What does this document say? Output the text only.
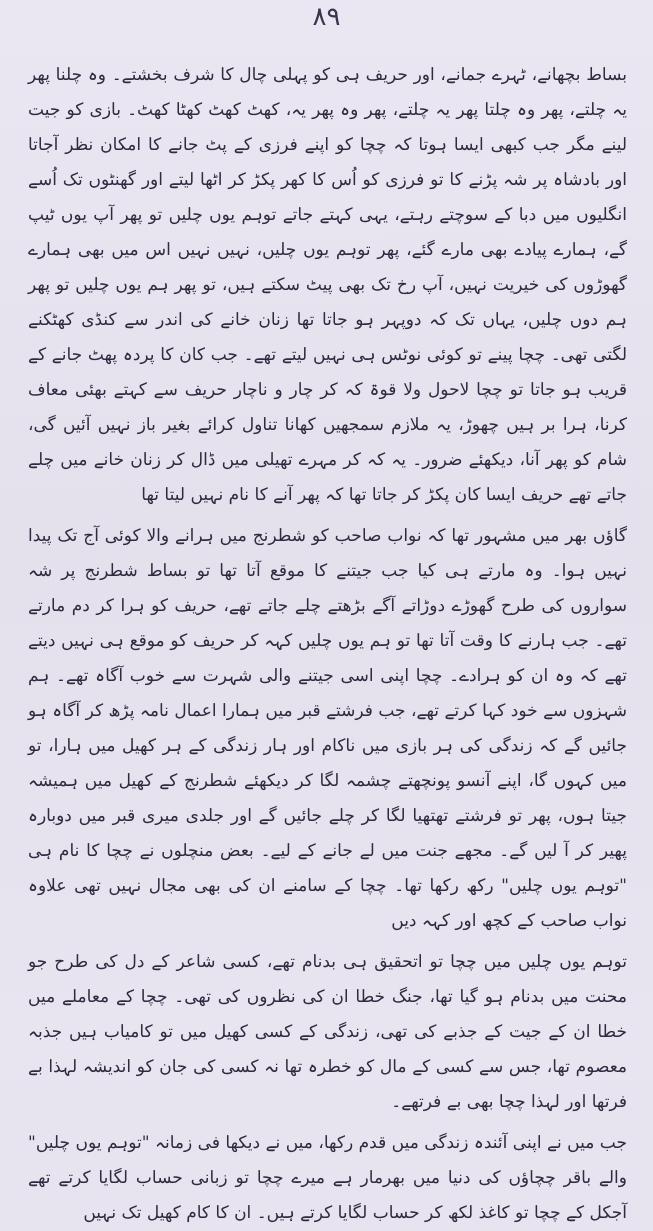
۸۹

بساط بچھانے، ٹہرے جمانے، اور حریف ہی کو پہلی چال کا شرف بخشتے۔ وہ چلنا پھر یہ چلتے، پھر وہ چلتا پھر یہ چلتے، پھر وہ پھر یہ، کھٹ کھٹ کھٹا کھٹ۔ بازی کو جیت لینے مگر جب کبھی ایسا ہوتا کہ چچا کو اپنے فرزی کے پٹ جانے کا امکان نظر آجاتا اور بادشاہ پر شہ پڑنے کا تو فرزی کو اُس کا کھر پکڑ کر اٹھا لیتے اور گھنٹوں تک اُسے انگلیوں میں دبا کے سوچتے رہتے، یہی کہتے جاتے توہم یوں چلیں تو پھر آپ یوں ٹیپ گے، ہمارے پیادے بھی مارے گئے، پھر توہم یوں چلیں، نہیں نہیں اس میں بھی ہمارے گھوڑوں کی خیریت نہیں، آپ رخ تک بھی پیٹ سکتے ہیں، تو پھر ہم یوں چلیں تو پھر ہم دوں چلیں، یہاں تک کہ دوپہر ہو جاتا تھا زنان خانے کی اندر سے کنڈی کھٹکنے لگتی تھی۔ چچا پینے تو کوئی نوٹس ہی نہیں لیتے تھے۔ جب کان کا پردہ پھٹ جانے کے قریب ہو جاتا تو چچا لاحول ولا قوۃ کہ کر چار و ناچار حریف سے کہتے بھئی معاف کرنا، ہرا بر ہیں چھوڑ، یہ ملازم سمجھیں کھانا تناول کرائے بغیر باز نہیں آئیں گی، شام کو پھر آنا، دیکھئے ضرور۔ یہ کہ کر مہرے تھیلی میں ڈال کر زنان خانے میں چلے جاتے تھے حریف ایسا کان پکڑ کر جاتا تھا کہ پھر آنے کا نام نہیں لیتا تھا

گاؤں بھر میں مشہور تھا کہ نواب صاحب کو شطرنج میں ہرانے والا کوئی آج تک پیدا نہیں ہوا۔ وہ مارتے ہی کیا جب جیتنے کا موقع آتا تھا تو بساط شطرنج پر شہ سواروں کی طرح گھوڑے دوڑاتے آگے بڑھتے چلے جاتے تھے، حریف کو ہرا کر دم مارتے تھے۔ جب ہارنے کا وقت آتا تھا تو ہم یوں چلیں کہہ کر حریف کو موقع ہی نہیں دیتے تھے کہ وہ ان کو ہرادے۔ چچا اپنی اسی جیتنے والی شہرت سے خوب آگاہ تھے۔ ہم شہزوں سے خود کہا کرتے تھے، جب فرشتے قبر میں ہمارا اعمال نامہ پڑھ کر آگاہ ہو جائیں گے کہ زندگی کی ہر بازی میں ناکام اور ہار زندگی کے ہر کھیل میں ہارا، تو میں کہوں گا، اپنے آنسو پونچھتے چشمہ لگا کر دیکھئے شطرنج کے کھیل میں ہمیشہ جیتا ہوں، پھر تو فرشتے تھتھیا لگا کر چلے جائیں گے اور جلدی میری قبر میں دوبارہ پھیر کر آ لیں گے۔ مجھے جنت میں لے جانے کے لیے۔ بعض منچلوں نے چچا کا نام ہی "توہم یوں چلیں" رکھ رکھا تھا۔ چچا کے سامنے ان کی بھی مجال نہیں تھی علاوہ نواب صاحب کے کچھ اور کہہ دیں

توہم یوں چلیں میں چچا تو اتحقیق ہی بدنام تھے، کسی شاعر کے دل کی طرح جو محنت میں بدنام ہو گیا تھا، جنگ خطا ان کی نظروں کی تھی۔ چچا کے معاملے میں خطا ان کے جیت کے جذبے کی تھی، زندگی کے کسی کھیل میں تو کامیاب ہیں جذبہ معصوم تھا، جس سے کسی کے مال کو خطرہ تھا نہ کسی کی جان کو اندیشہ لہذا بے فرتھا اور لہذا چچا بھی بے فرتھے۔

جب میں نے اپنی آئندہ زندگی میں قدم رکھا، میں نے دیکھا فی زمانہ "توہم یوں چلیں" والے باقر چچاؤں کی دنیا میں بھرمار ہے میرے چچا تو زبانی حساب لگایا کرتے تھے آجکل کے چچا تو کاغذ لکھ کر حساب لگایا کرتے ہیں۔ ان کا کام کھیل تک نہیں
